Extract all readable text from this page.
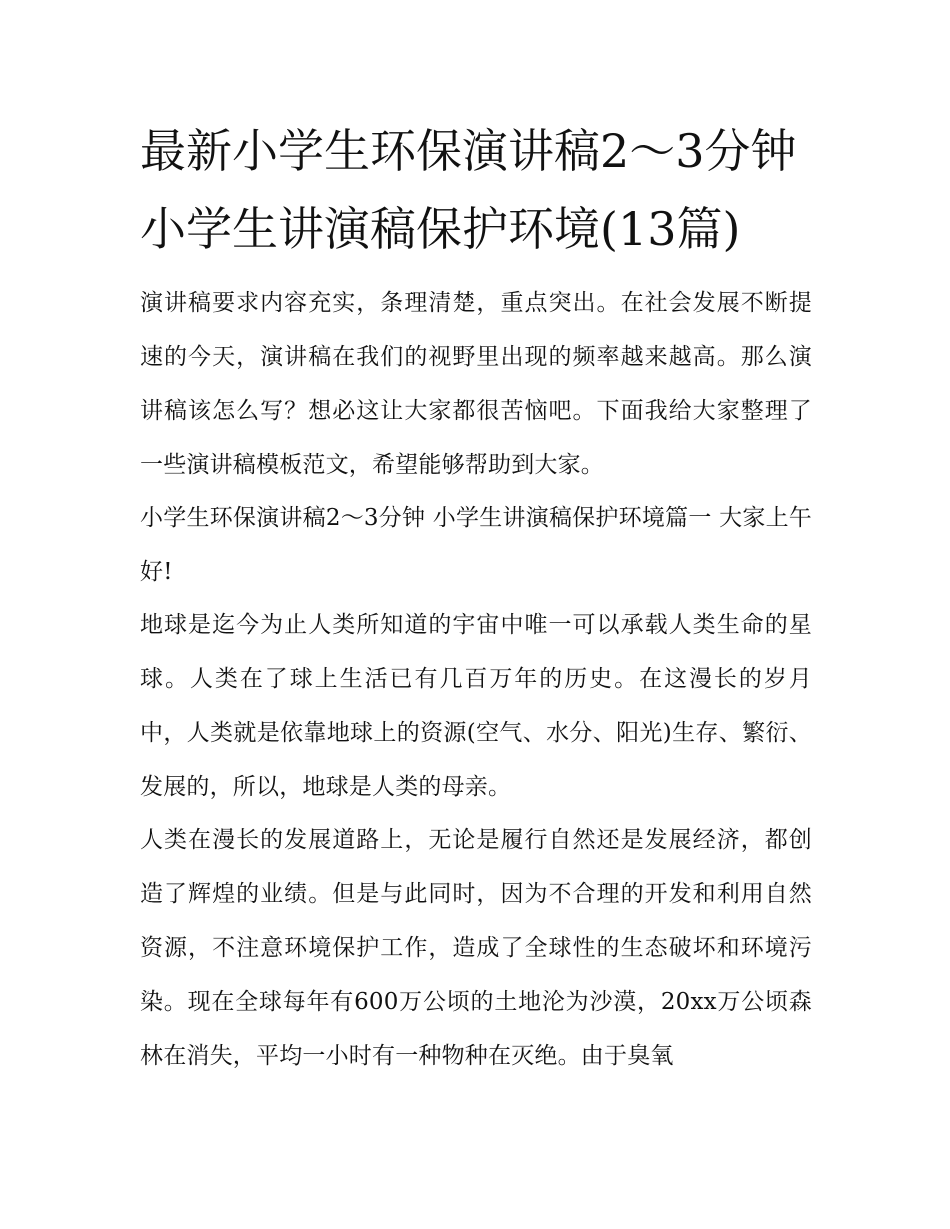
最新小学生环保演讲稿2～3分钟 小学生讲演稿保护环境(13篇)

演讲稿要求内容充实，条理清楚，重点突出。在社会发展不断提速的今天，演讲稿在我们的视野里出现的频率越来越高。那么演讲稿该怎么写？想必这让大家都很苦恼吧。下面我给大家整理了一些演讲稿模板范文，希望能够帮助到大家。

小学生环保演讲稿2～3分钟 小学生讲演稿保护环境篇一 大家上午好!

地球是迄今为止人类所知道的宇宙中唯一可以承载人类生命的星球。人类在了球上生活已有几百万年的历史。在这漫长的岁月中，人类就是依靠地球上的资源(空气、水分、阳光)生存、繁衍、发展的，所以，地球是人类的母亲。

人类在漫长的发展道路上，无论是履行自然还是发展经济，都创造了辉煌的业绩。但是与此同时，因为不合理的开发和利用自然资源，不注意环境保护工作，造成了全球性的生态破坏和环境污染。现在全球每年有600万公顷的土地沦为沙漠，20xx万公顷森林在消失，平均一小时有一种物种在灭绝。由于臭氧
